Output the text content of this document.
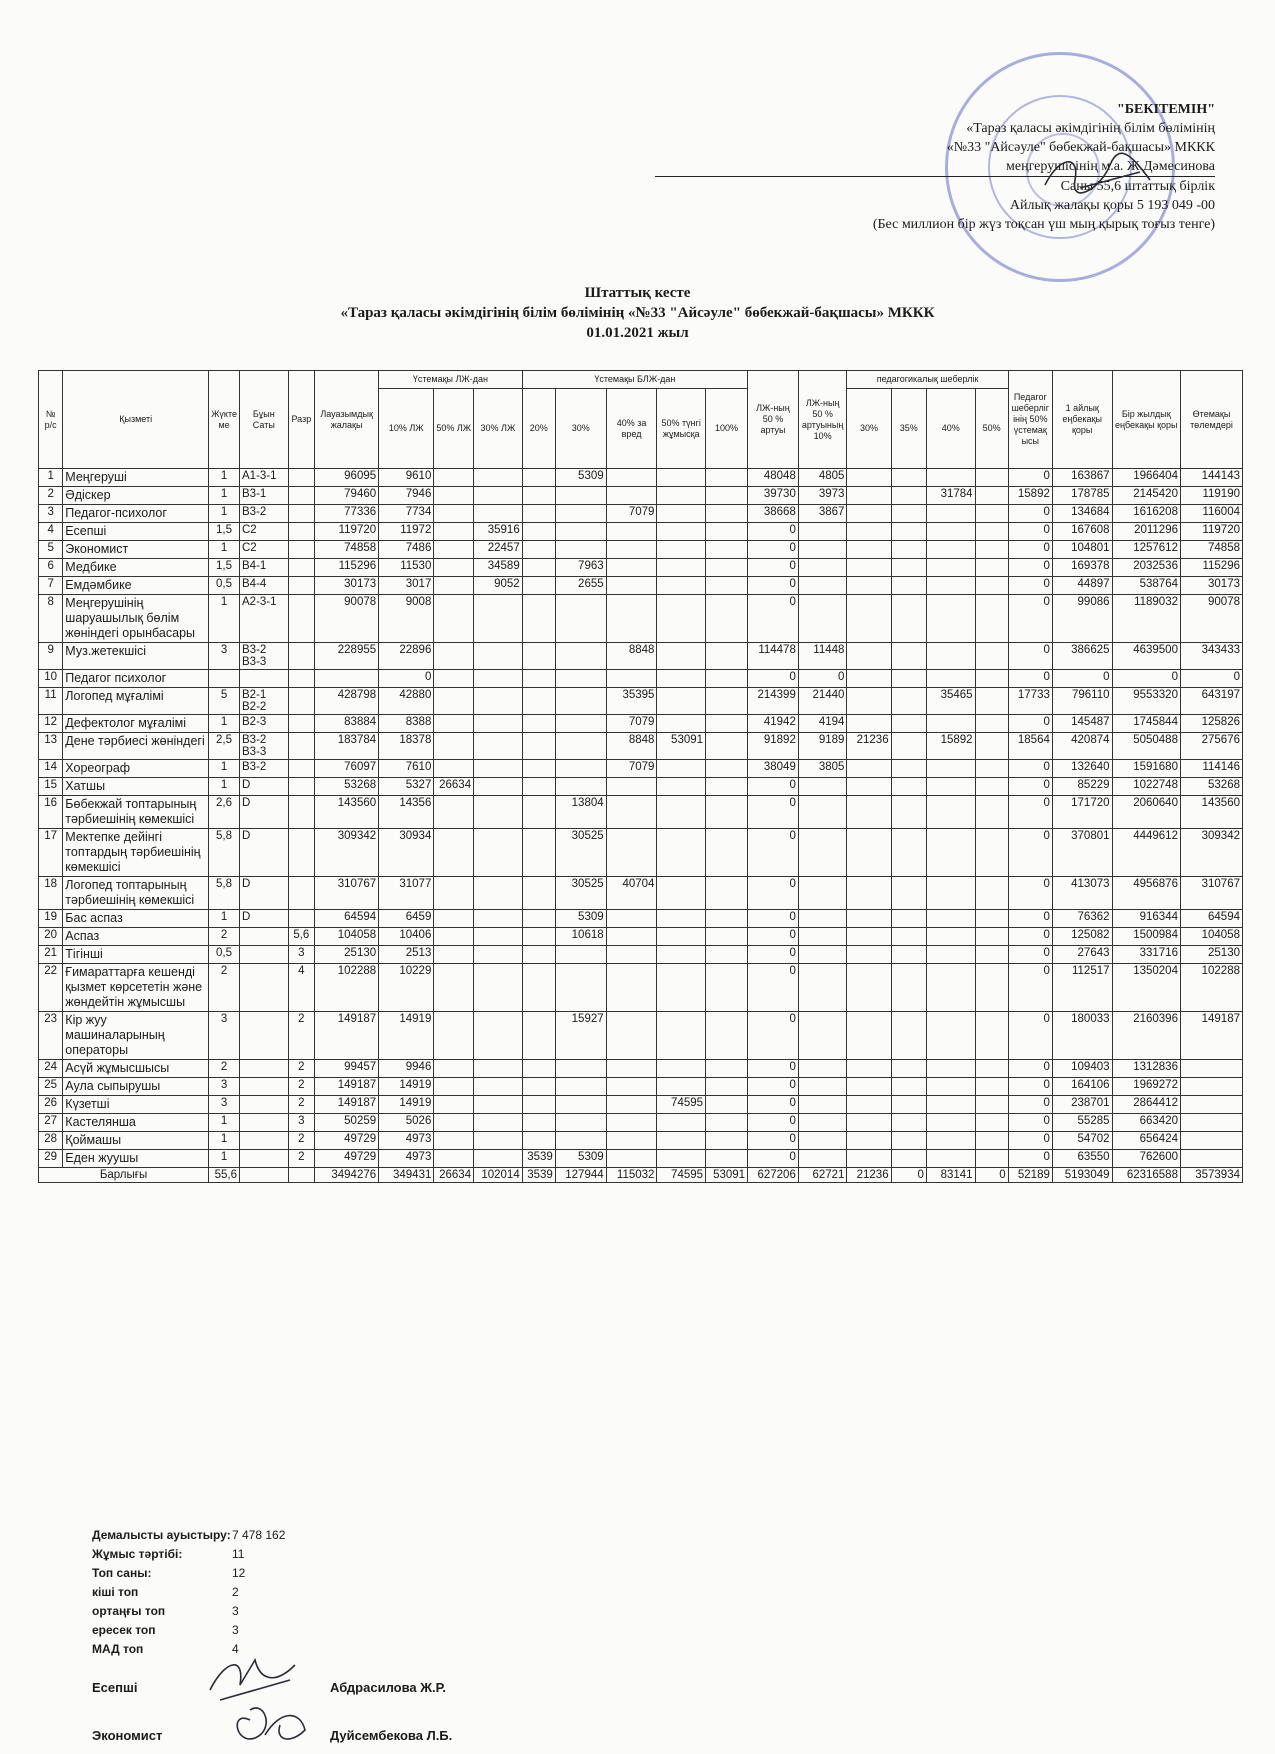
"БЕКІТЕМІН"
«Тараз қаласы әкімдігінің білім бөлімінің
«№33 "Айсәуле" бөбекжай-бақшасы» МККК
меңгерушісінің м.а. Ж.Дәмесинова
Саны 55,6 штаттық бірлік
Айлық жалақы қоры 5 193 049 -00
(Бес миллион бір жүз тоқсан үш мың қырық тоғыз тенге)
Штаттық кесте
«Тараз қаласы әкімдігінің білім бөлімінің «№33 "Айсәуле" бөбекжай-бақшасы» МККК
01.01.2021 жыл
№ р/с	Қызметі	Жүктеме	Бұын Саты	Разр	Лауазымдық жалақы	Үстемақы ЛЖ-дан			Үстемақы БЛЖ-дан					ЛЖ-ның 50 % артуы	ЛЖ-ның 50 % артуының 10%	педагогикалық шеберлік				Педагог шеберлігінің 50% үстемақысы	1 айлық еңбекақы қоры	Бір жылдық еңбекақы қоры	Өтемақы төлемдері
						10% ЛЖ	50% ЛЖ	30% ЛЖ	20%	30%	40% за вред	50% түнгі жұмысқа	100%			30%	35%	40%	50%				
1	Меңгеруші	1	А1-3-1		96095	9610				5309				48048	4805					0	163867	1966404	144143
2	Әдіскер	1	В3-1		79460	7946								39730	3973			31784		15892	178785	2145420	119190
3	Педагог-психолог	1	В3-2		77336	7734					7079			38668	3867					0	134684	1616208	116004
4	Есепші	1,5	С2		119720	11972		35916						0						0	167608	2011296	119720
5	Экономист	1	С2		74858	7486		22457						0						0	104801	1257612	74858
6	Медбике	1,5	В4-1		115296	11530		34589		7963				0						0	169378	2032536	115296
7	Емдәмбике	0,5	В4-4		30173	3017		9052		2655				0						0	44897	538764	30173
8	Меңгерушінің шаруашылық бөлім жөніндегі орынбасары	1	А2-3-1		90078	9008								0						0	99086	1189032	90078
9	Муз.жетекшісі	3	В3-2 В3-3		228955	22896					8848			114478	11448					0	386625	4639500	343433
10	Педагог психолог					0								0	0					0	0	0	0
11	Логопед мұғалімі	5	В2-1 В2-2		428798	42880					35395			214399	21440			35465		17733	796110	9553320	643197
12	Дефектолог мұғалімі	1	В2-3		83884	8388					7079			41942	4194					0	145487	1745844	125826
13	Дене тәрбиесі жөніндегі	2,5	В3-2 В3-3		183784	18378					8848	53091		91892	9189	21236		15892		18564	420874	5050488	275676
14	Хореограф	1	В3-2		76097	7610					7079			38049	3805					0	132640	1591680	114146
15	Хатшы	1	D		53268	5327	26634							0						0	85229	1022748	53268
16	Бөбекжай топтарының тәрбиешінің көмекшісі	2,6	D		143560	14356				13804				0						0	171720	2060640	143560
17	Мектепке дейінгі топтардың тәрбиешінің көмекшісі	5,8	D		309342	30934				30525				0						0	370801	4449612	309342
18	Логопед топтарының тәрбиешінің көмекшісі	5,8	D		310767	31077				30525	40704			0						0	413073	4956876	310767
19	Бас аспаз	1	D		64594	6459				5309				0						0	76362	916344	64594
20	Аспаз	2		5,6	104058	10406				10618				0						0	125082	1500984	104058
21	Тігінші	0,5		3	25130	2513								0						0	27643	331716	25130
22	Ғимараттарға кешенді қызмет көрсететін және жөндейтін жұмысшы	2		4	102288	10229								0						0	112517	1350204	102288
23	Кір жуу машиналарының операторы	3		2	149187	14919				15927				0						0	180033	2160396	149187
24	Асүй жұмысшысы	2		2	99457	9946								0						0	109403	1312836	
25	Аула сыпырушы	3		2	149187	14919								0						0	164106	1969272	
26	Күзетші	3		2	149187	14919						74595		0						0	238701	2864412	
27	Кастелянша	1		3	50259	5026								0						0	55285	663420	
28	Қоймашы	1		2	49729	4973								0						0	54702	656424	
29	Еден жуушы	1		2	49729	4973			3539	5309				0						0	63550	762600	
Барлығы		55,6			3494276	349431	26634	102014	3539	127944	115032	74595	53091	627206	62721	21236	0	83141	0	52189	5193049	62316588	3573934
Демалысты ауыстыру:7 478 162
Жұмыс тәртібі:	11
Топ саны:	12
кіші топ	2
ортаңғы топ	3
ересек топ	3
МАД топ	4
Есепші	Абдрасилова Ж.Р.
Экономист	Дуйсембекова Л.Б.
